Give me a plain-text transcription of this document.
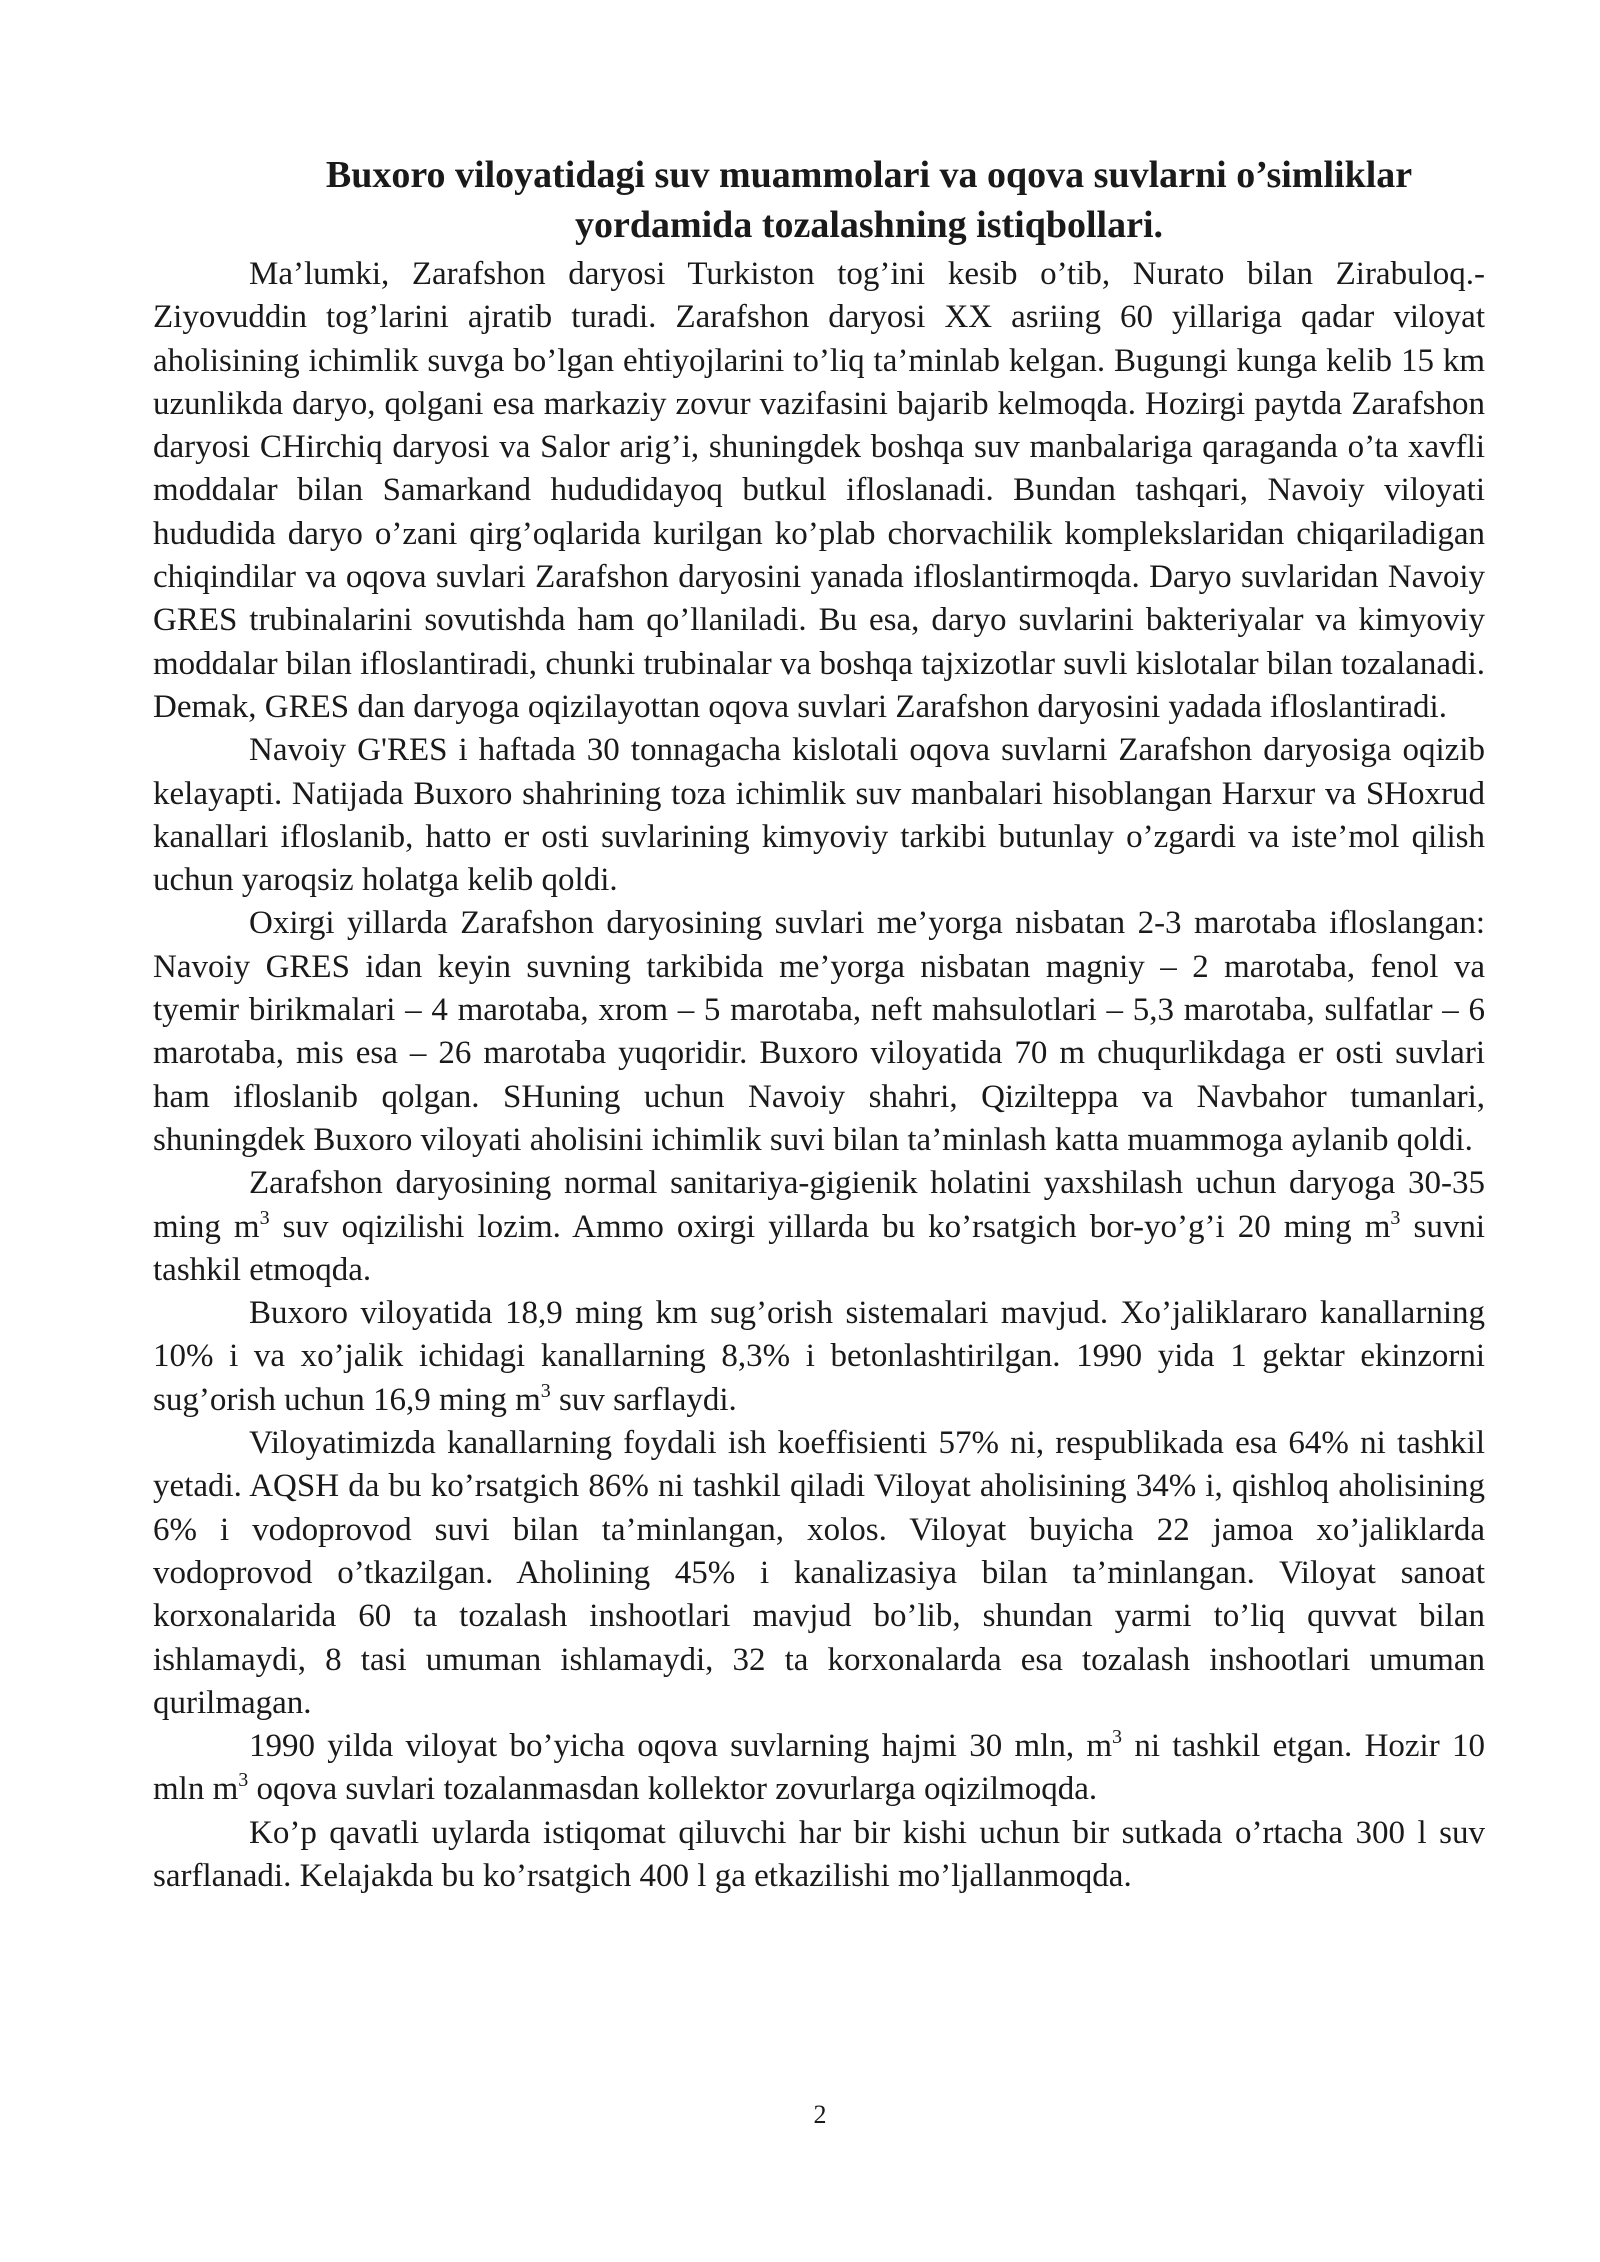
Buxoro viloyatidagi suv muammolari va oqova suvlarni o’simliklar yordamida tozalashning istiqbollari.

Ma’lumki, Zarafshon daryosi Turkiston tog’ini kesib o’tib, Nurato bilan Zirabuloq.-Ziyovuddin tog’larini ajratib turadi. Zarafshon daryosi XX asriing 60 yillariga qadar viloyat aholisining ichimlik suvga bo’lgan ehtiyojlarini to’liq ta’minlab kelgan. Bugungi kunga kelib 15 km uzunlikda daryo, qolgani esa markaziy zovur vazifasini bajarib kelmoqda. Hozirgi paytda Zarafshon daryosi CHirchiq daryosi va Salor arig’i, shuningdek boshqa suv manbalariga qaraganda o’ta xavfli moddalar bilan Samarkand hududidayoq butkul ifloslanadi. Bundan tashqari, Navoiy viloyati hududida daryo o’zani qirg’oqlarida kurilgan ko’plab chorvachilik komplekslaridan chiqariladigan chiqindilar va oqova suvlari Zarafshon daryosini yanada ifloslantirmoqda. Daryo suvlaridan Navoiy GRES trubinalarini sovutishda ham qo’llaniladi. Bu esa, daryo suvlarini bakteriyalar va kimyoviy moddalar bilan ifloslantiradi, chunki trubinalar va boshqa tajxizotlar suvli kislotalar bilan tozalanadi. Demak, GRES dan daryoga oqizilayottan oqova suvlari Zarafshon daryosini yadada ifloslantiradi.

Navoiy G'RES i haftada 30 tonnagacha kislotali oqova suvlarni Zarafshon daryosiga oqizib kelayapti. Natijada Buxoro shahrining toza ichimlik suv manbalari hisoblangan Harxur va SHoxrud kanallari ifloslanib, hatto er osti suvlarining kimyoviy tarkibi butunlay o’zgardi va iste’mol qilish uchun yaroqsiz holatga kelib qoldi.

Oxirgi yillarda Zarafshon daryosining suvlari me’yorga nisbatan 2-3 marotaba ifloslangan: Navoiy GRES idan keyin suvning tarkibida me’yorga nisbatan magniy – 2 marotaba, fenol va tyemir birikmalari – 4 marotaba, xrom – 5 marotaba, neft mahsulotlari – 5,3 marotaba, sulfatlar – 6 marotaba, mis esa – 26 marotaba yuqoridir. Buxoro viloyatida 70 m chuqurlikdaga er osti suvlari ham ifloslanib qolgan. SHuning uchun Navoiy shahri, Qizilteppa va Navbahor tumanlari, shuningdek Buxoro viloyati aholisini ichimlik suvi bilan ta’minlash katta muammoga aylanib qoldi.

Zarafshon daryosining normal sanitariya-gigienik holatini yaxshilash uchun daryoga 30-35 ming $m^3$ suv oqizilishi lozim. Ammo oxirgi yillarda bu ko’rsatgich bor-yo’g’i 20 ming $m^3$ suvni tashkil etmoqda.

Buxoro viloyatida 18,9 ming km sug’orish sistemalari mavjud. Xo’jaliklararo kanallarning 10% i va xo’jalik ichidagi kanallarning 8,3% i betonlashtirilgan. 1990 yida 1 gektar ekinzorni sug’orish uchun 16,9 ming $m^3$ suv sarflaydi.

Viloyatimizda kanallarning foydali ish koeffisienti 57% ni, respublikada esa 64% ni tashkil yetadi. AQSH da bu ko’rsatgich 86% ni tashkil qiladi Viloyat aholisining 34% i, qishloq aholisining 6% i vodoprovod suvi bilan ta’minlangan, xolos. Viloyat buyicha 22 jamoa xo’jaliklarda vodoprovod o’tkazilgan. Aholining 45% i kanalizasiya bilan ta’minlangan. Viloyat sanoat korxonalarida 60 ta tozalash inshootlari mavjud bo’lib, shundan yarmi to’liq quvvat bilan ishlamaydi, 8 tasi umuman ishlamaydi, 32 ta korxonalarda esa tozalash inshootlari umuman qurilmagan.

1990 yilda viloyat bo’yicha oqova suvlarning hajmi 30 mln, $m^3$ ni tashkil etgan. Hozir 10 mln $m^3$ oqova suvlari tozalanmasdan kollektor zovurlarga oqizilmoqda.

Ko’p qavatli uylarda istiqomat qiluvchi har bir kishi uchun bir sutkada o’rtacha 300 l suv sarflanadi. Kelajakda bu ko’rsatgich 400 l ga etkazilishi mo’ljallanmoqda.

2
